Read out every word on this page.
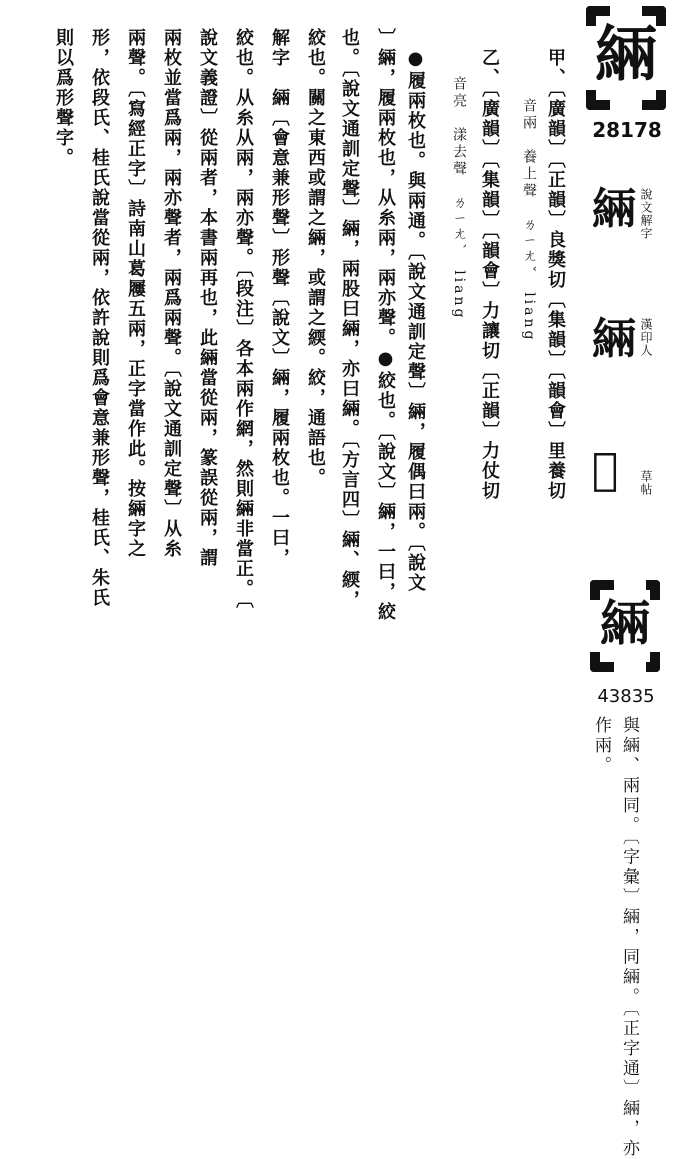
緉
28178
緉 說文解字
緉 漢印人
𦁚 草帖
甲、〔廣韻〕〔正韻〕良獎切〔集韻〕〔韻會〕里養切
音兩　養上聲　ㄌㄧㄤˇ　liang
乙、〔廣韻〕〔集韻〕〔韻會〕力讓切〔正韻〕力仗切
音亮　漾去聲　ㄌㄧㄤˋ　liang
●履兩枚也。與兩通。〔說文通訓定聲〕緉，履偶曰兩。〔說文
〕緉，履兩枚也，从糸兩，兩亦聲。●絞也。〔說文〕緉，一曰，絞
也。〔說文通訓定聲〕緉，兩股曰緉，亦曰緉。〔方言四〕緉、緛，
絞也。關之東西或謂之緉，或謂之緛。絞，通語也。
解字　緉〔會意兼形聲〕形聲〔說文〕緉，履兩枚也。一曰，
絞也。从糸从兩，兩亦聲。〔段注〕各本兩作網，然則緉非當正。〔
說文義證〕從兩者，本書兩再也，此緉當從兩，篆誤從兩，謂
兩枚並當爲兩，兩亦聲者，兩爲兩聲。〔說文通訓定聲〕从糸
兩聲。〔寫經正字〕詩南山葛屨五兩，正字當作此。按緉字之
形，依段氏、桂氏說當從兩，依許說則爲會意兼形聲，桂氏、朱氏
則以爲形聲字。
緉
43835
與緉、兩同。〔字彙〕緉，同緉。〔正字通〕緉，亦
作兩。
